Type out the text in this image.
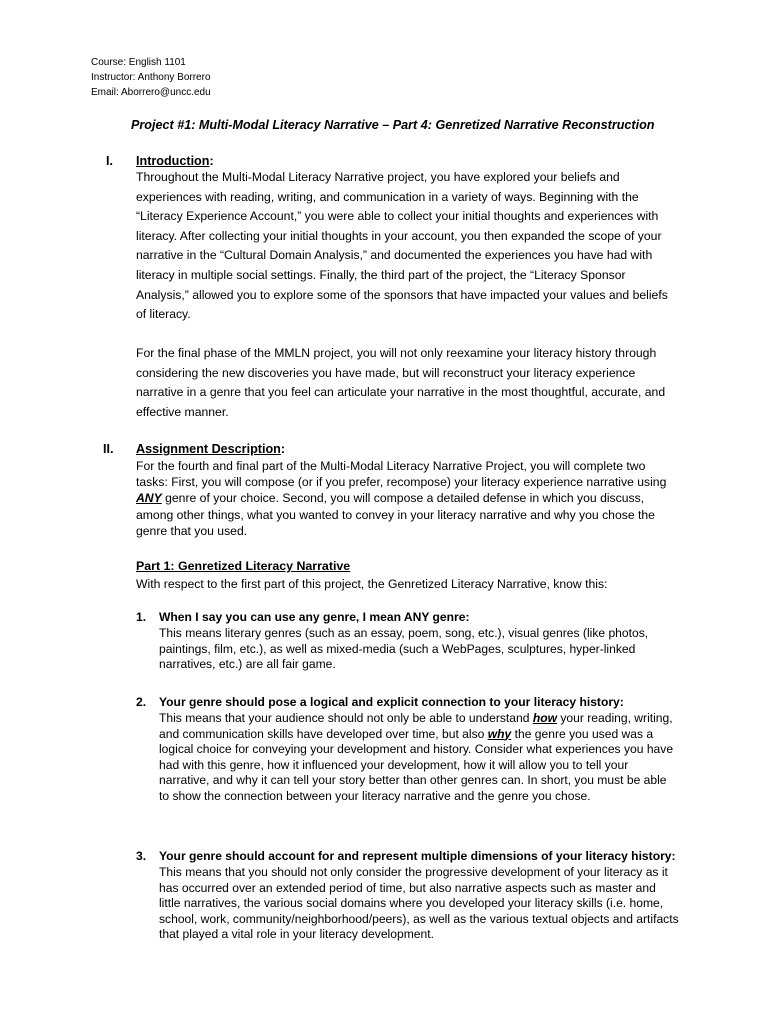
Course: English 1101
Instructor: Anthony Borrero
Email: Aborrero@uncc.edu
Project #1: Multi-Modal Literacy Narrative – Part 4: Genretized Narrative Reconstruction
I. Introduction:

Throughout the Multi-Modal Literacy Narrative project, you have explored your beliefs and experiences with reading, writing, and communication in a variety of ways. Beginning with the “Literacy Experience Account,” you were able to collect your initial thoughts and experiences with literacy. After collecting your initial thoughts in your account, you then expanded the scope of your narrative in the “Cultural Domain Analysis,” and documented the experiences you have had with literacy in multiple social settings. Finally, the third part of the project, the “Literacy Sponsor Analysis,” allowed you to explore some of the sponsors that have impacted your values and beliefs of literacy.

For the final phase of the MMLN project, you will not only reexamine your literacy history through considering the new discoveries you have made, but will reconstruct your literacy experience narrative in a genre that you feel can articulate your narrative in the most thoughtful, accurate, and effective manner.

II. Assignment Description:

For the fourth and final part of the Multi-Modal Literacy Narrative Project, you will complete two tasks: First, you will compose (or if you prefer, recompose) your literacy experience narrative using ANY genre of your choice. Second, you will compose a detailed defense in which you discuss, among other things, what you wanted to convey in your literacy narrative and why you chose the genre that you used.

Part 1: Genretized Literacy Narrative
With respect to the first part of this project, the Genretized Literacy Narrative, know this:
1. When I say you can use any genre, I mean ANY genre:

This means literary genres (such as an essay, poem, song, etc.), visual genres (like photos, paintings, film, etc.), as well as mixed-media (such a WebPages, sculptures, hyper-linked narratives, etc.) are all fair game.

2. Your genre should pose a logical and explicit connection to your literacy history:

This means that your audience should not only be able to understand how your reading, writing, and communication skills have developed over time, but also why the genre you used was a logical choice for conveying your development and history. Consider what experiences you have had with this genre, how it influenced your development, how it will allow you to tell your narrative, and why it can tell your story better than other genres can. In short, you must be able to show the connection between your literacy narrative and the genre you chose.

3. Your genre should account for and represent multiple dimensions of your literacy history:

This means that you should not only consider the progressive development of your literacy as it has occurred over an extended period of time, but also narrative aspects such as master and little narratives, the various social domains where you developed your literacy skills (i.e. home, school, work, community/neighborhood/peers), as well as the various textual objects and artifacts that played a vital role in your literacy development.
